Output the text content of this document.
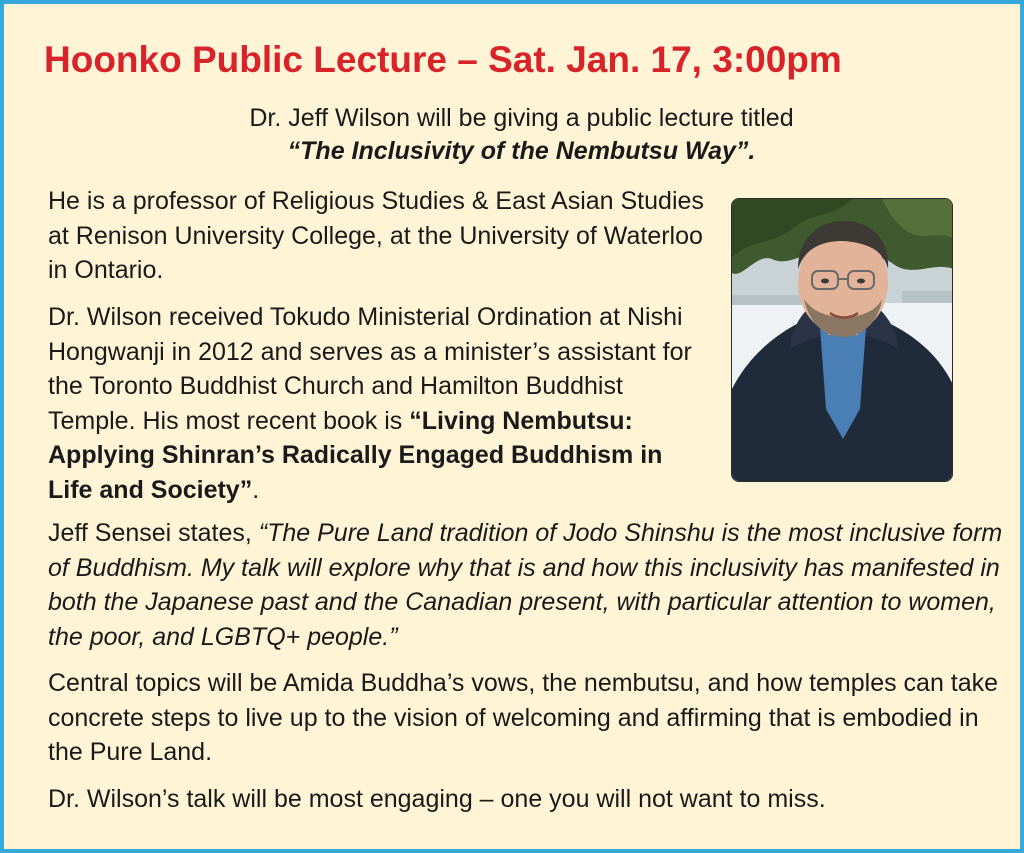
Hoonko Public Lecture – Sat. Jan. 17, 3:00pm
Dr. Jeff Wilson will be giving a public lecture titled
“The Inclusivity of the Nembutsu Way”.

He is a professor of Religious Studies & East Asian Studies at Renison University College, at the University of Waterloo in Ontario.

Dr. Wilson received Tokudo Ministerial Ordination at Nishi Hongwanji in 2012 and serves as a minister’s assistant for the Toronto Buddhist Church and Hamilton Buddhist Temple. His most recent book is “Living Nembutsu: Applying Shinran’s Radically Engaged Buddhism in Life and Society”.

Jeff Sensei states, “The Pure Land tradition of Jodo Shinshu is the most inclusive form of Buddhism. My talk will explore why that is and how this inclusivity has manifested in both the Japanese past and the Canadian present, with particular attention to women, the poor, and LGBTQ+ people.”

Central topics will be Amida Buddha’s vows, the nembutsu, and how temples can take concrete steps to live up to the vision of welcoming and affirming that is embodied in the Pure Land.

Dr. Wilson’s talk will be most engaging – one you will not want to miss.
